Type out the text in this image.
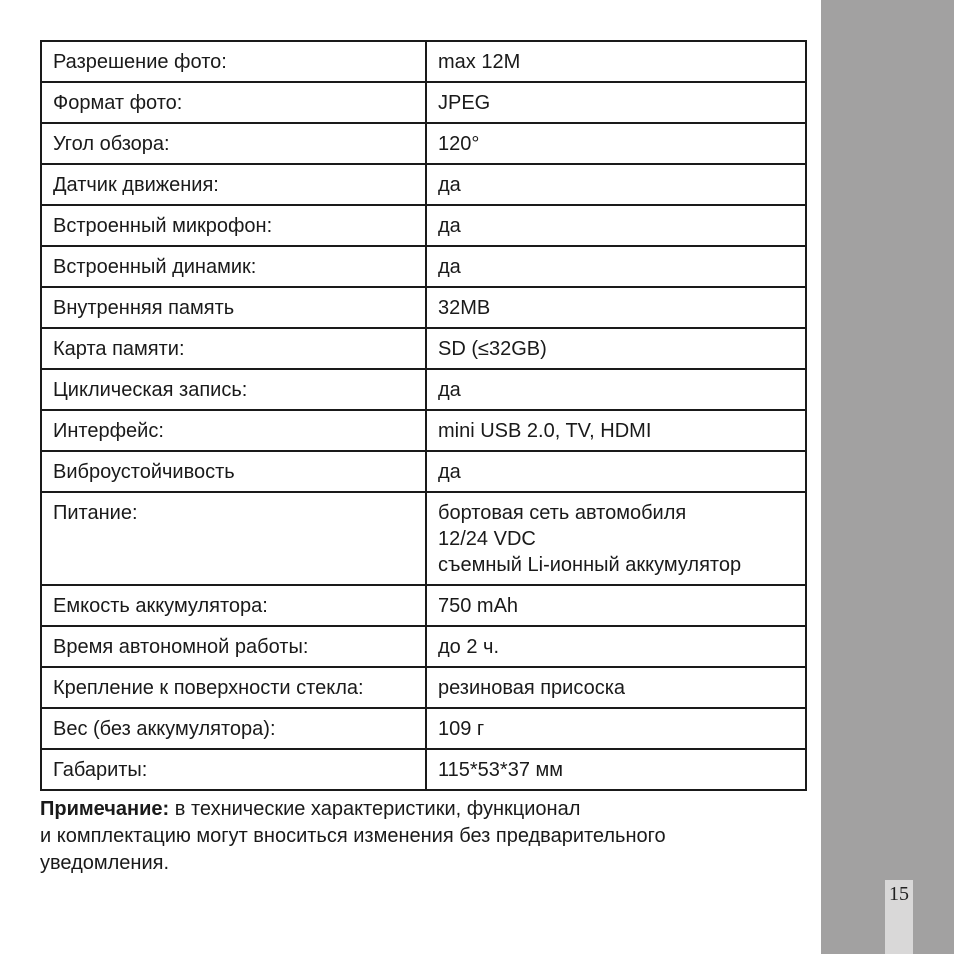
15
Разрешение фото:	max 12M

Формат фото:	JPEG

Угол обзора:	120°

Датчик движения:	да

Встроенный микрофон:	да

Встроенный динамик:	да

Внутренняя память	32MB

Карта памяти:	SD (≤32GB)

Циклическая запись:	да

Интерфейс:	mini USB 2.0, TV, HDMI

Виброустойчивость	да

Питание:	бортовая сеть автомобиля
12/24 VDC
съемный Li-ионный аккумулятор

Емкость аккумулятора:	750 mAh

Время автономной работы:	до 2 ч.

Крепление к поверхности стекла:	резиновая присоска

Вес (без аккумулятора):	109 г

Габариты:	115*53*37 мм
Примечание: в технические характеристики, функционал
и комплектацию могут вноситься изменения без предварительного
уведомления.
